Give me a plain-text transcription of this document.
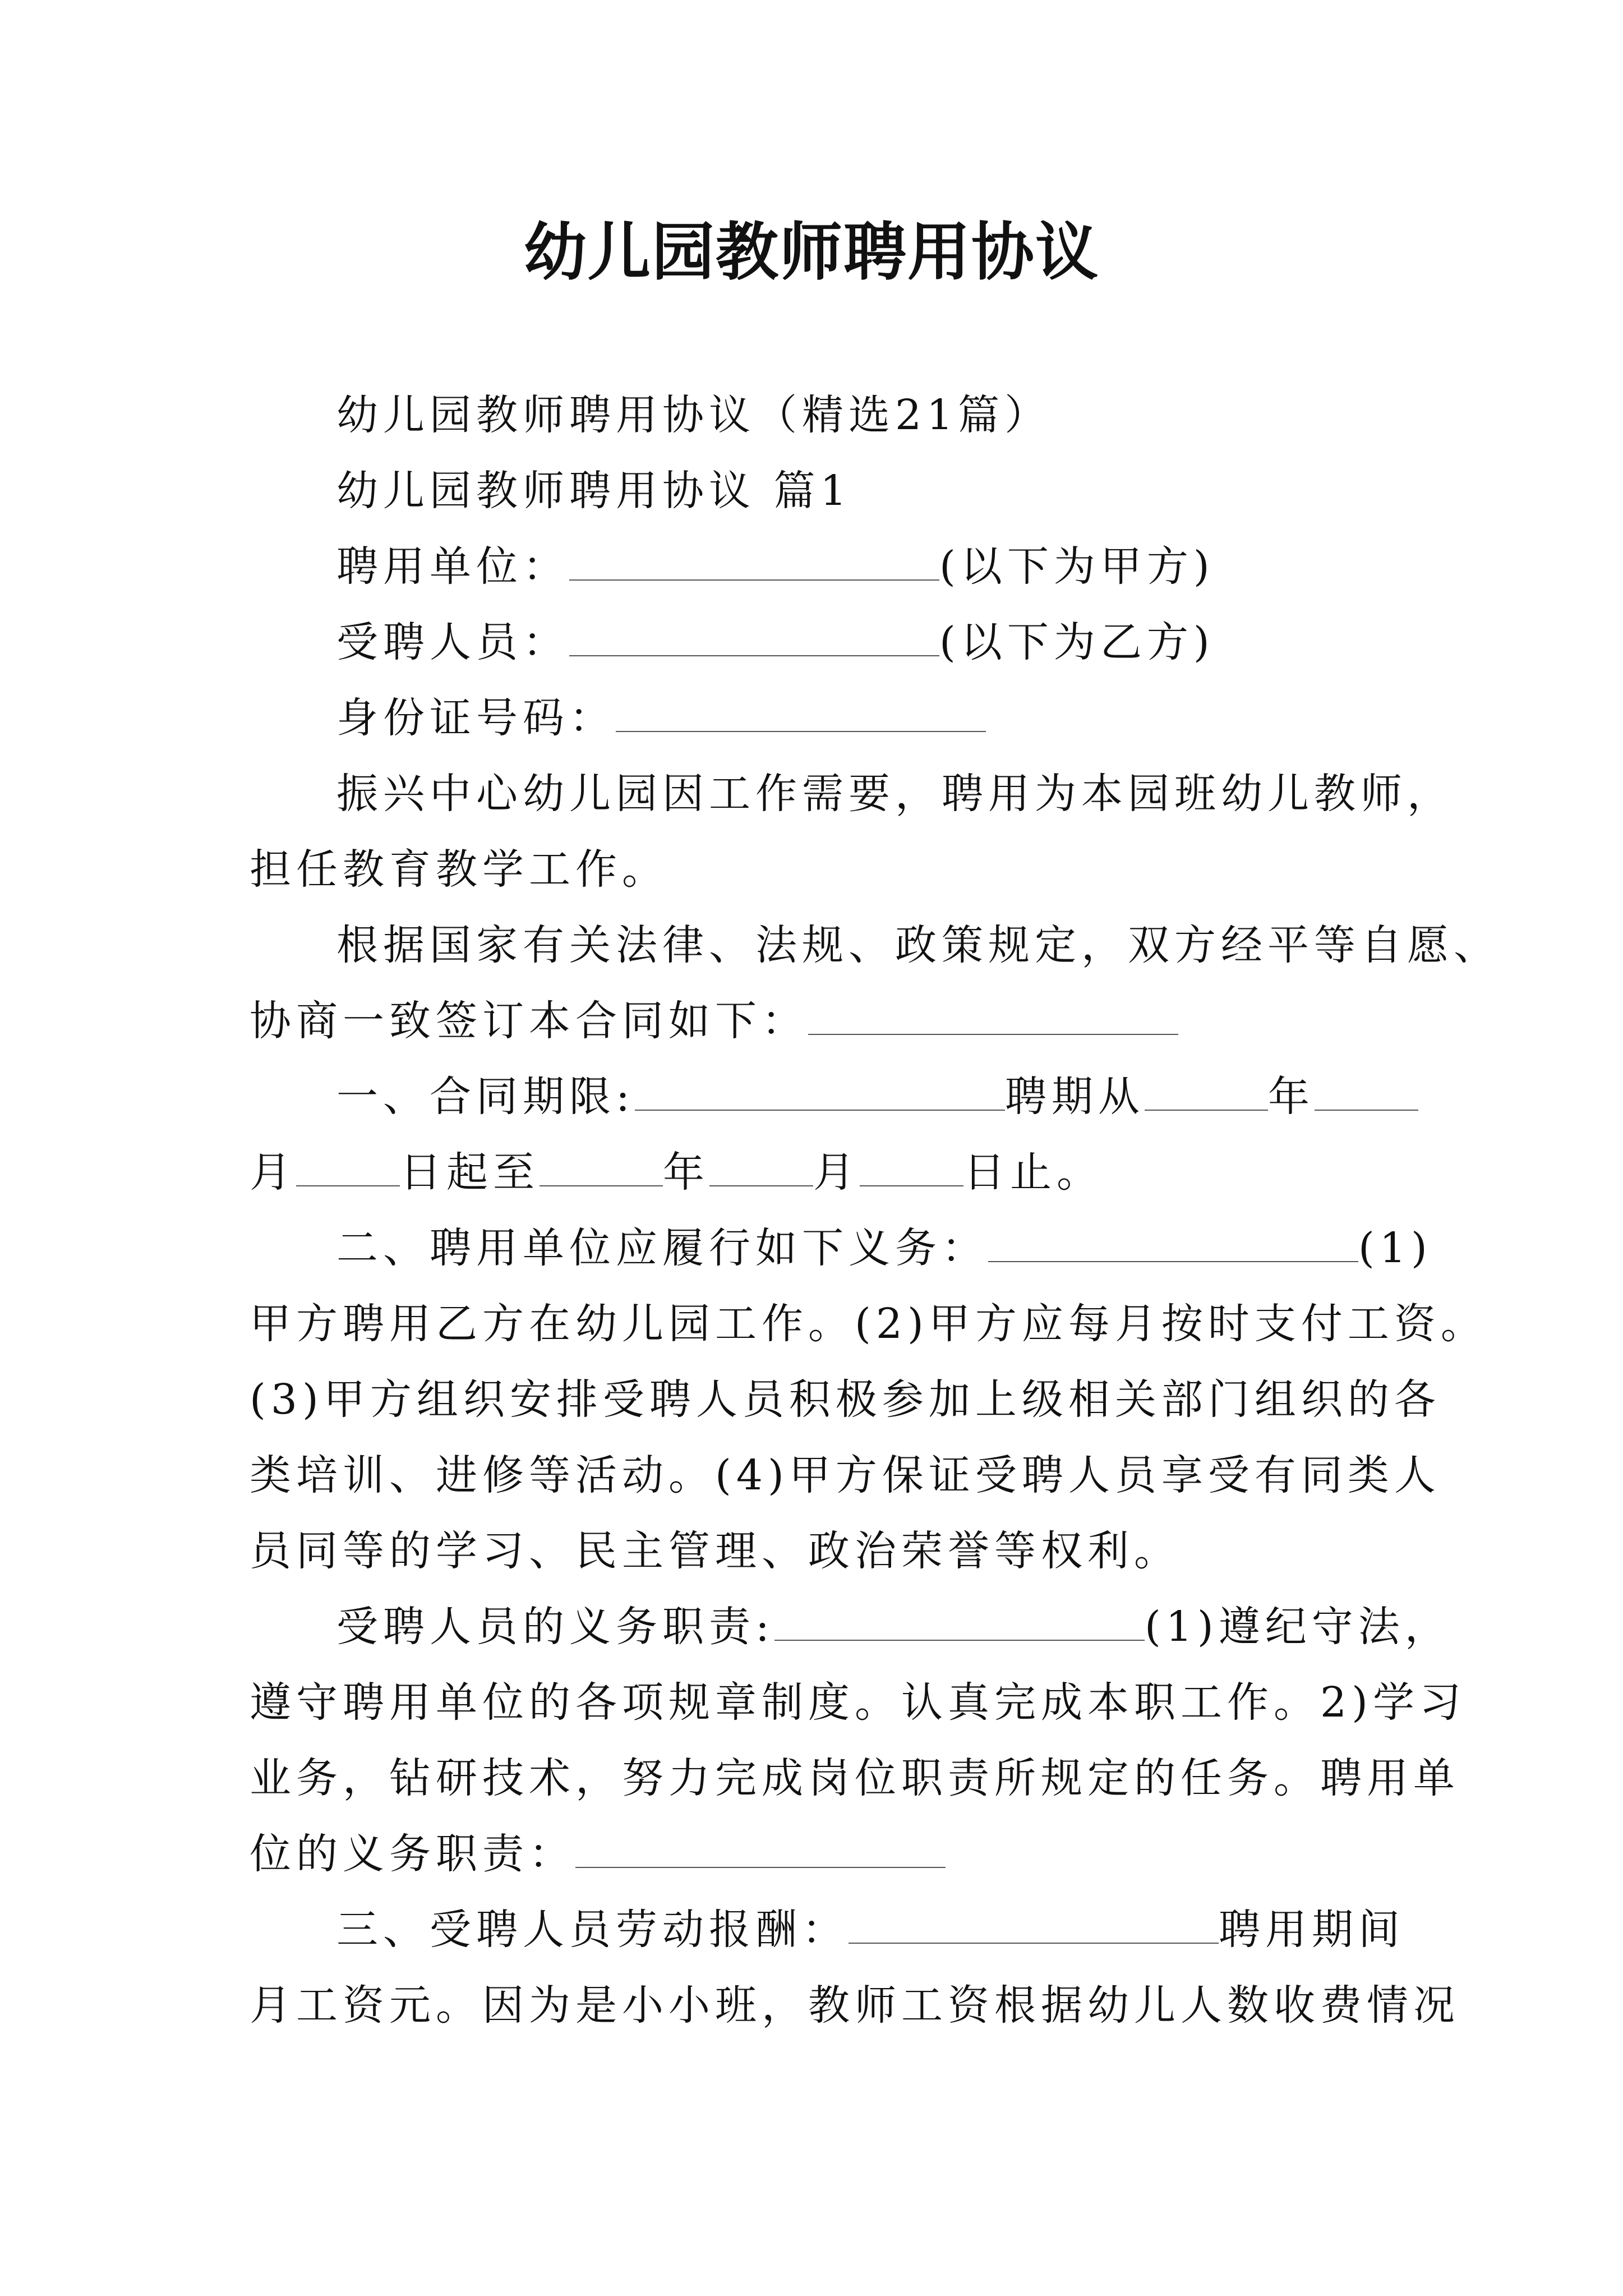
幼儿园教师聘用协议
幼儿园教师聘用协议（精选21篇）
幼儿园教师聘用协议 篇1
聘用单位：	(以下为甲方)
受聘人员：	(以下为乙方)
身份证号码：
振兴中心幼儿园因工作需要，聘用为本园班幼儿教师，
担任教育教学工作。
根据国家有关法律、法规、政策规定，双方经平等自愿、
协商一致签订本合同如下：
一、合同期限:	聘期从	年
月	日起至	年	月	日止。
二、聘用单位应履行如下义务：	(1)
甲方聘用乙方在幼儿园工作。(2)甲方应每月按时支付工资。
(3)甲方组织安排受聘人员积极参加上级相关部门组织的各
类培训、进修等活动。(4)甲方保证受聘人员享受有同类人
员同等的学习、民主管理、政治荣誉等权利。
受聘人员的义务职责:	(1)遵纪守法，
遵守聘用单位的各项规章制度。认真完成本职工作。2)学习
业务，钻研技术，努力完成岗位职责所规定的任务。聘用单
位的义务职责：
三、受聘人员劳动报酬：	聘用期间
月工资元。因为是小小班，教师工资根据幼儿人数收费情况
